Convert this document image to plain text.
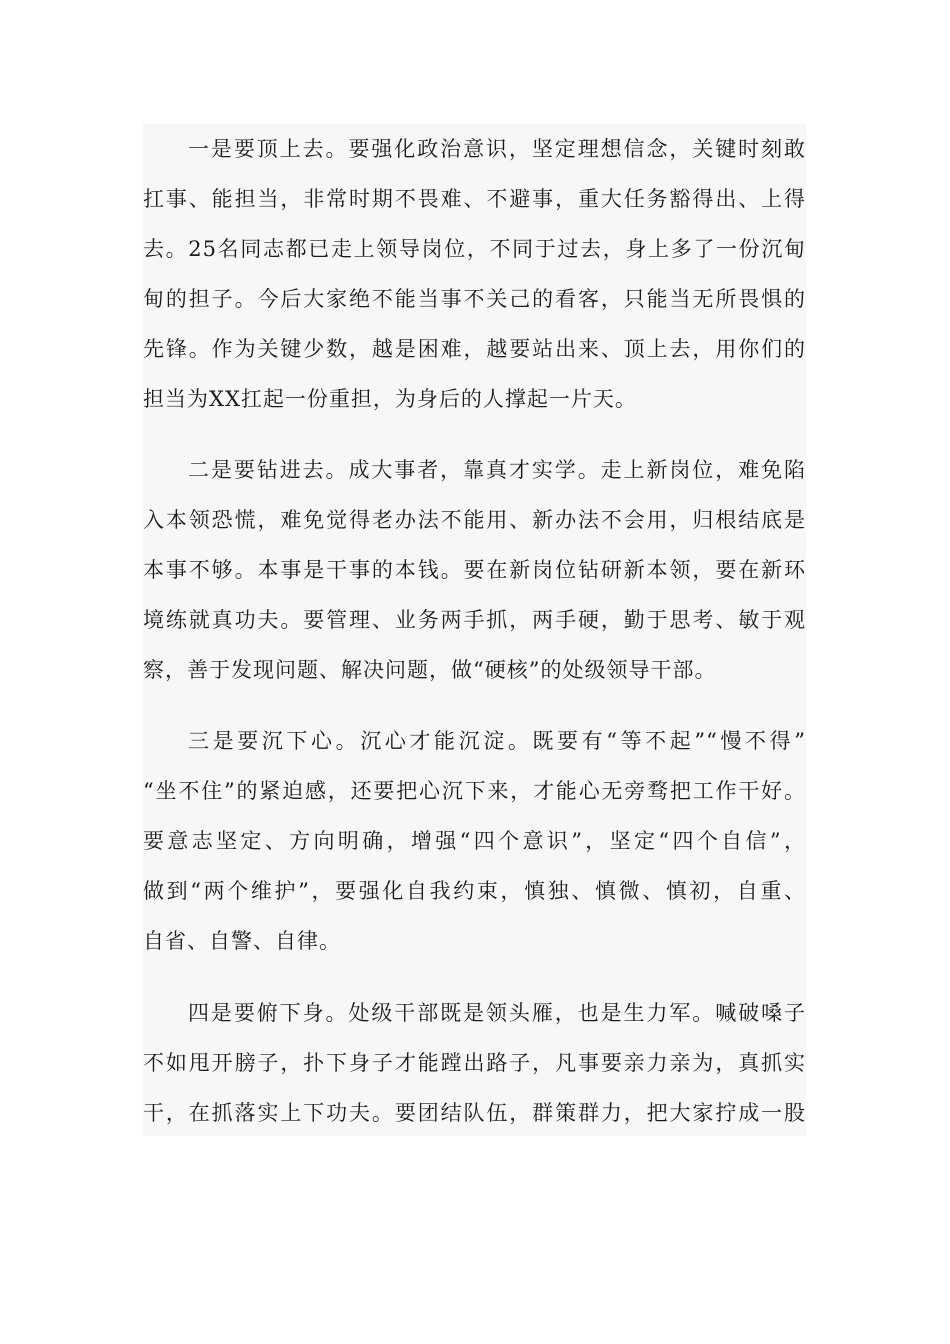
一是要顶上去。要强化政治意识，坚定理想信念，关键时刻敢
扛事、能担当，非常时期不畏难、不避事，重大任务豁得出、上得
去。25名同志都已走上领导岗位，不同于过去，身上多了一份沉甸
甸的担子。今后大家绝不能当事不关己的看客，只能当无所畏惧的
先锋。作为关键少数，越是困难，越要站出来、顶上去，用你们的
担当为XX扛起一份重担，为身后的人撑起一片天。
二是要钻进去。成大事者，靠真才实学。走上新岗位，难免陷
入本领恐慌，难免觉得老办法不能用、新办法不会用，归根结底是
本事不够。本事是干事的本钱。要在新岗位钻研新本领，要在新环
境练就真功夫。要管理、业务两手抓，两手硬，勤于思考、敏于观
察，善于发现问题、解决问题，做“硬核”的处级领导干部。
三是要沉下心。沉心才能沉淀。既要有“等不起”“慢不得”
“坐不住”的紧迫感，还要把心沉下来，才能心无旁骛把工作干好。
要意志坚定、方向明确，增强“四个意识”，坚定“四个自信”，
做到“两个维护”，要强化自我约束，慎独、慎微、慎初，自重、
自省、自警、自律。
四是要俯下身。处级干部既是领头雁，也是生力军。喊破嗓子
不如甩开膀子，扑下身子才能蹚出路子，凡事要亲力亲为，真抓实
干，在抓落实上下功夫。要团结队伍，群策群力，把大家拧成一股
